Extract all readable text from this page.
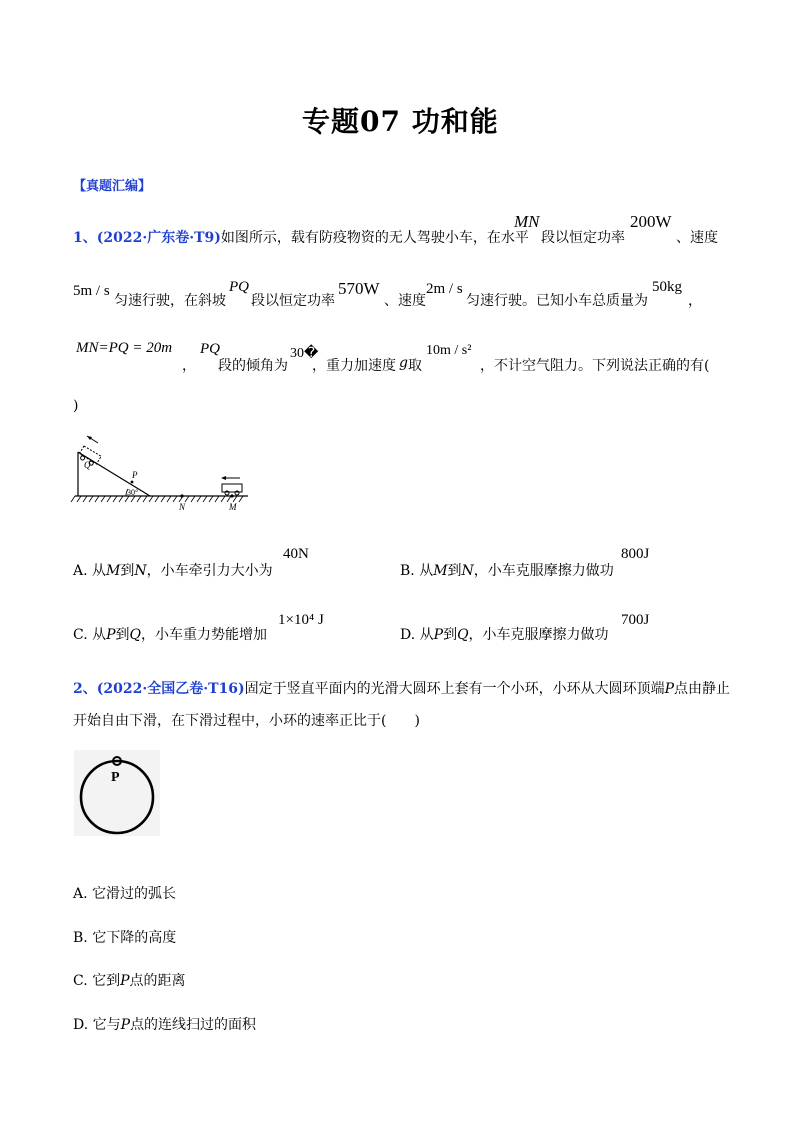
专题07 功和能
【真题汇编】
1、(2022·广东卷·T9)如图所示，载有防疫物资的无人驾驶小车，在水平
MN
段以恒定功率
200W
、速度
5m / s
匀速行驶，在斜坡
PQ
段以恒定功率
570W
、速度
2m / s
匀速行驶。已知小车总质量为
50kg
，
MN=PQ = 20m
，
PQ
段的倾角为
30�
，重力加速度 g 取
10m / s²
，不计空气阻力。下列说法正确的有(
)
Q
P
30°
N	M
A. 从M到N，小车牵引力大小为
40N
B. 从M到N，小车克服摩擦力做功
800J
C. 从P到Q，小车重力势能增加
1×10⁴ J
D. 从P到Q，小车克服摩擦力做功
700J
2、(2022·全国乙卷·T16)固定于竖直平面内的光滑大圆环上套有一个小环，小环从大圆环顶端P点由静止
开始自由下滑，在下滑过程中，小环的速率正比于(　　)
P
A. 它滑过的弧长
B. 它下降的高度
C. 它到P点的距离
D. 它与P点的连线扫过的面积
